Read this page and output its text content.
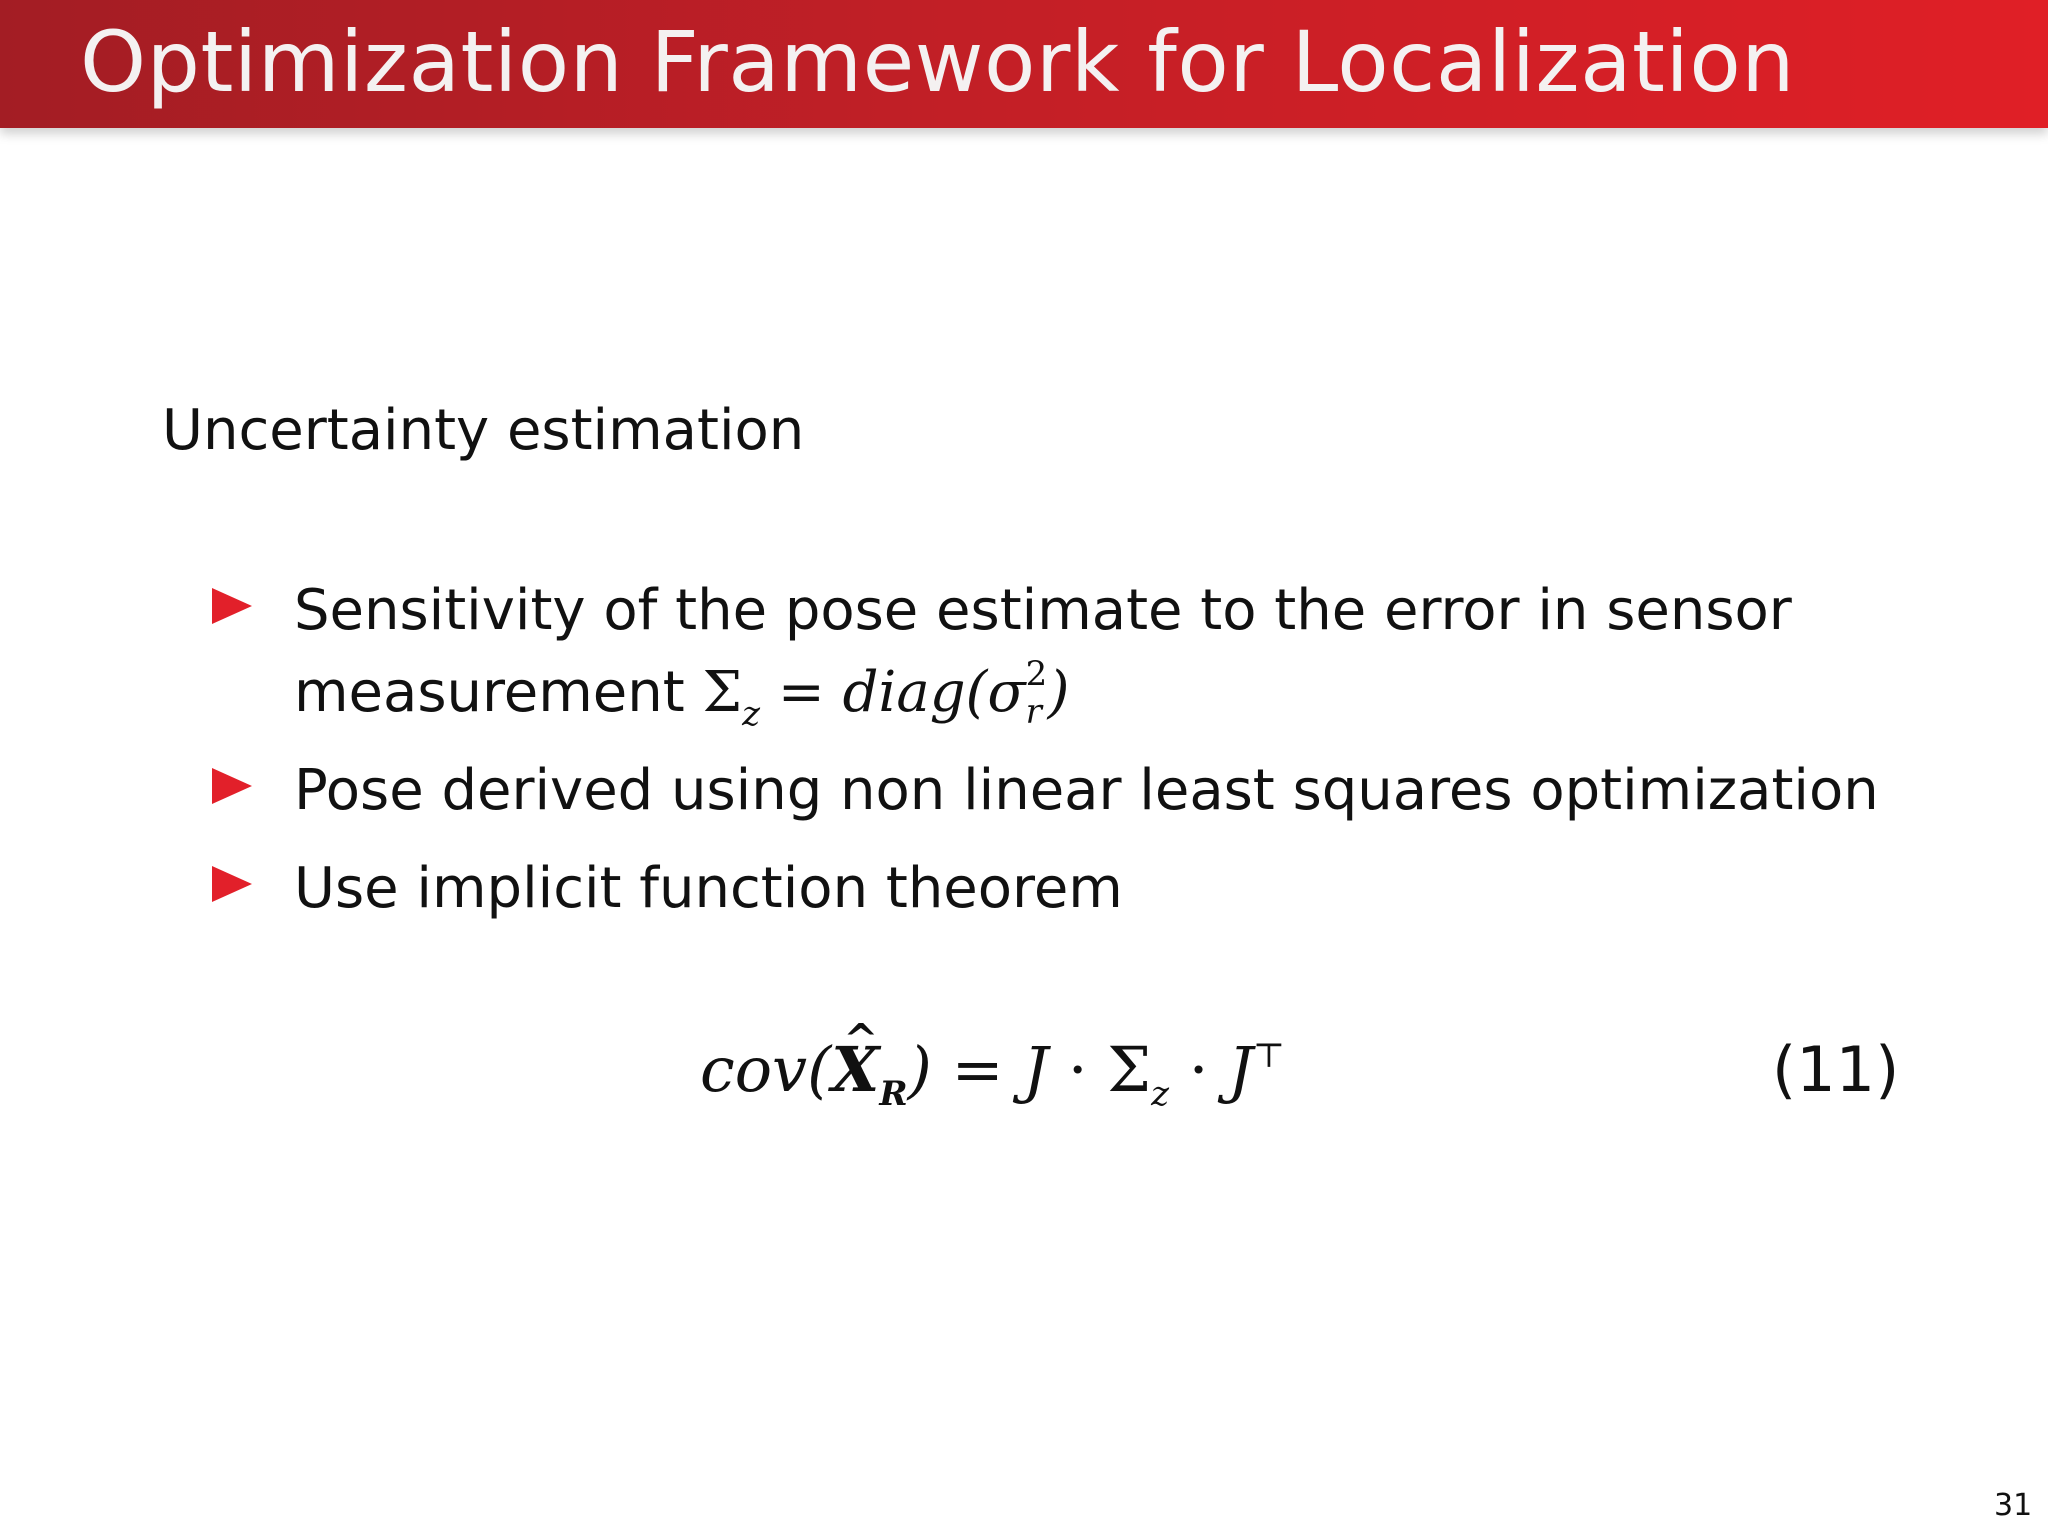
Optimization Framework for Localization
Uncertainty estimation
Sensitivity of the pose estimate to the error in sensor
measurement $\Sigma_z$ = diag(σ 2
r )
Pose derived using non linear least squares optimization
Use implicit function theorem
cov(^ $X_R) = J \cdot \Sigma_z \cdot J^⊤$	(11)
31
